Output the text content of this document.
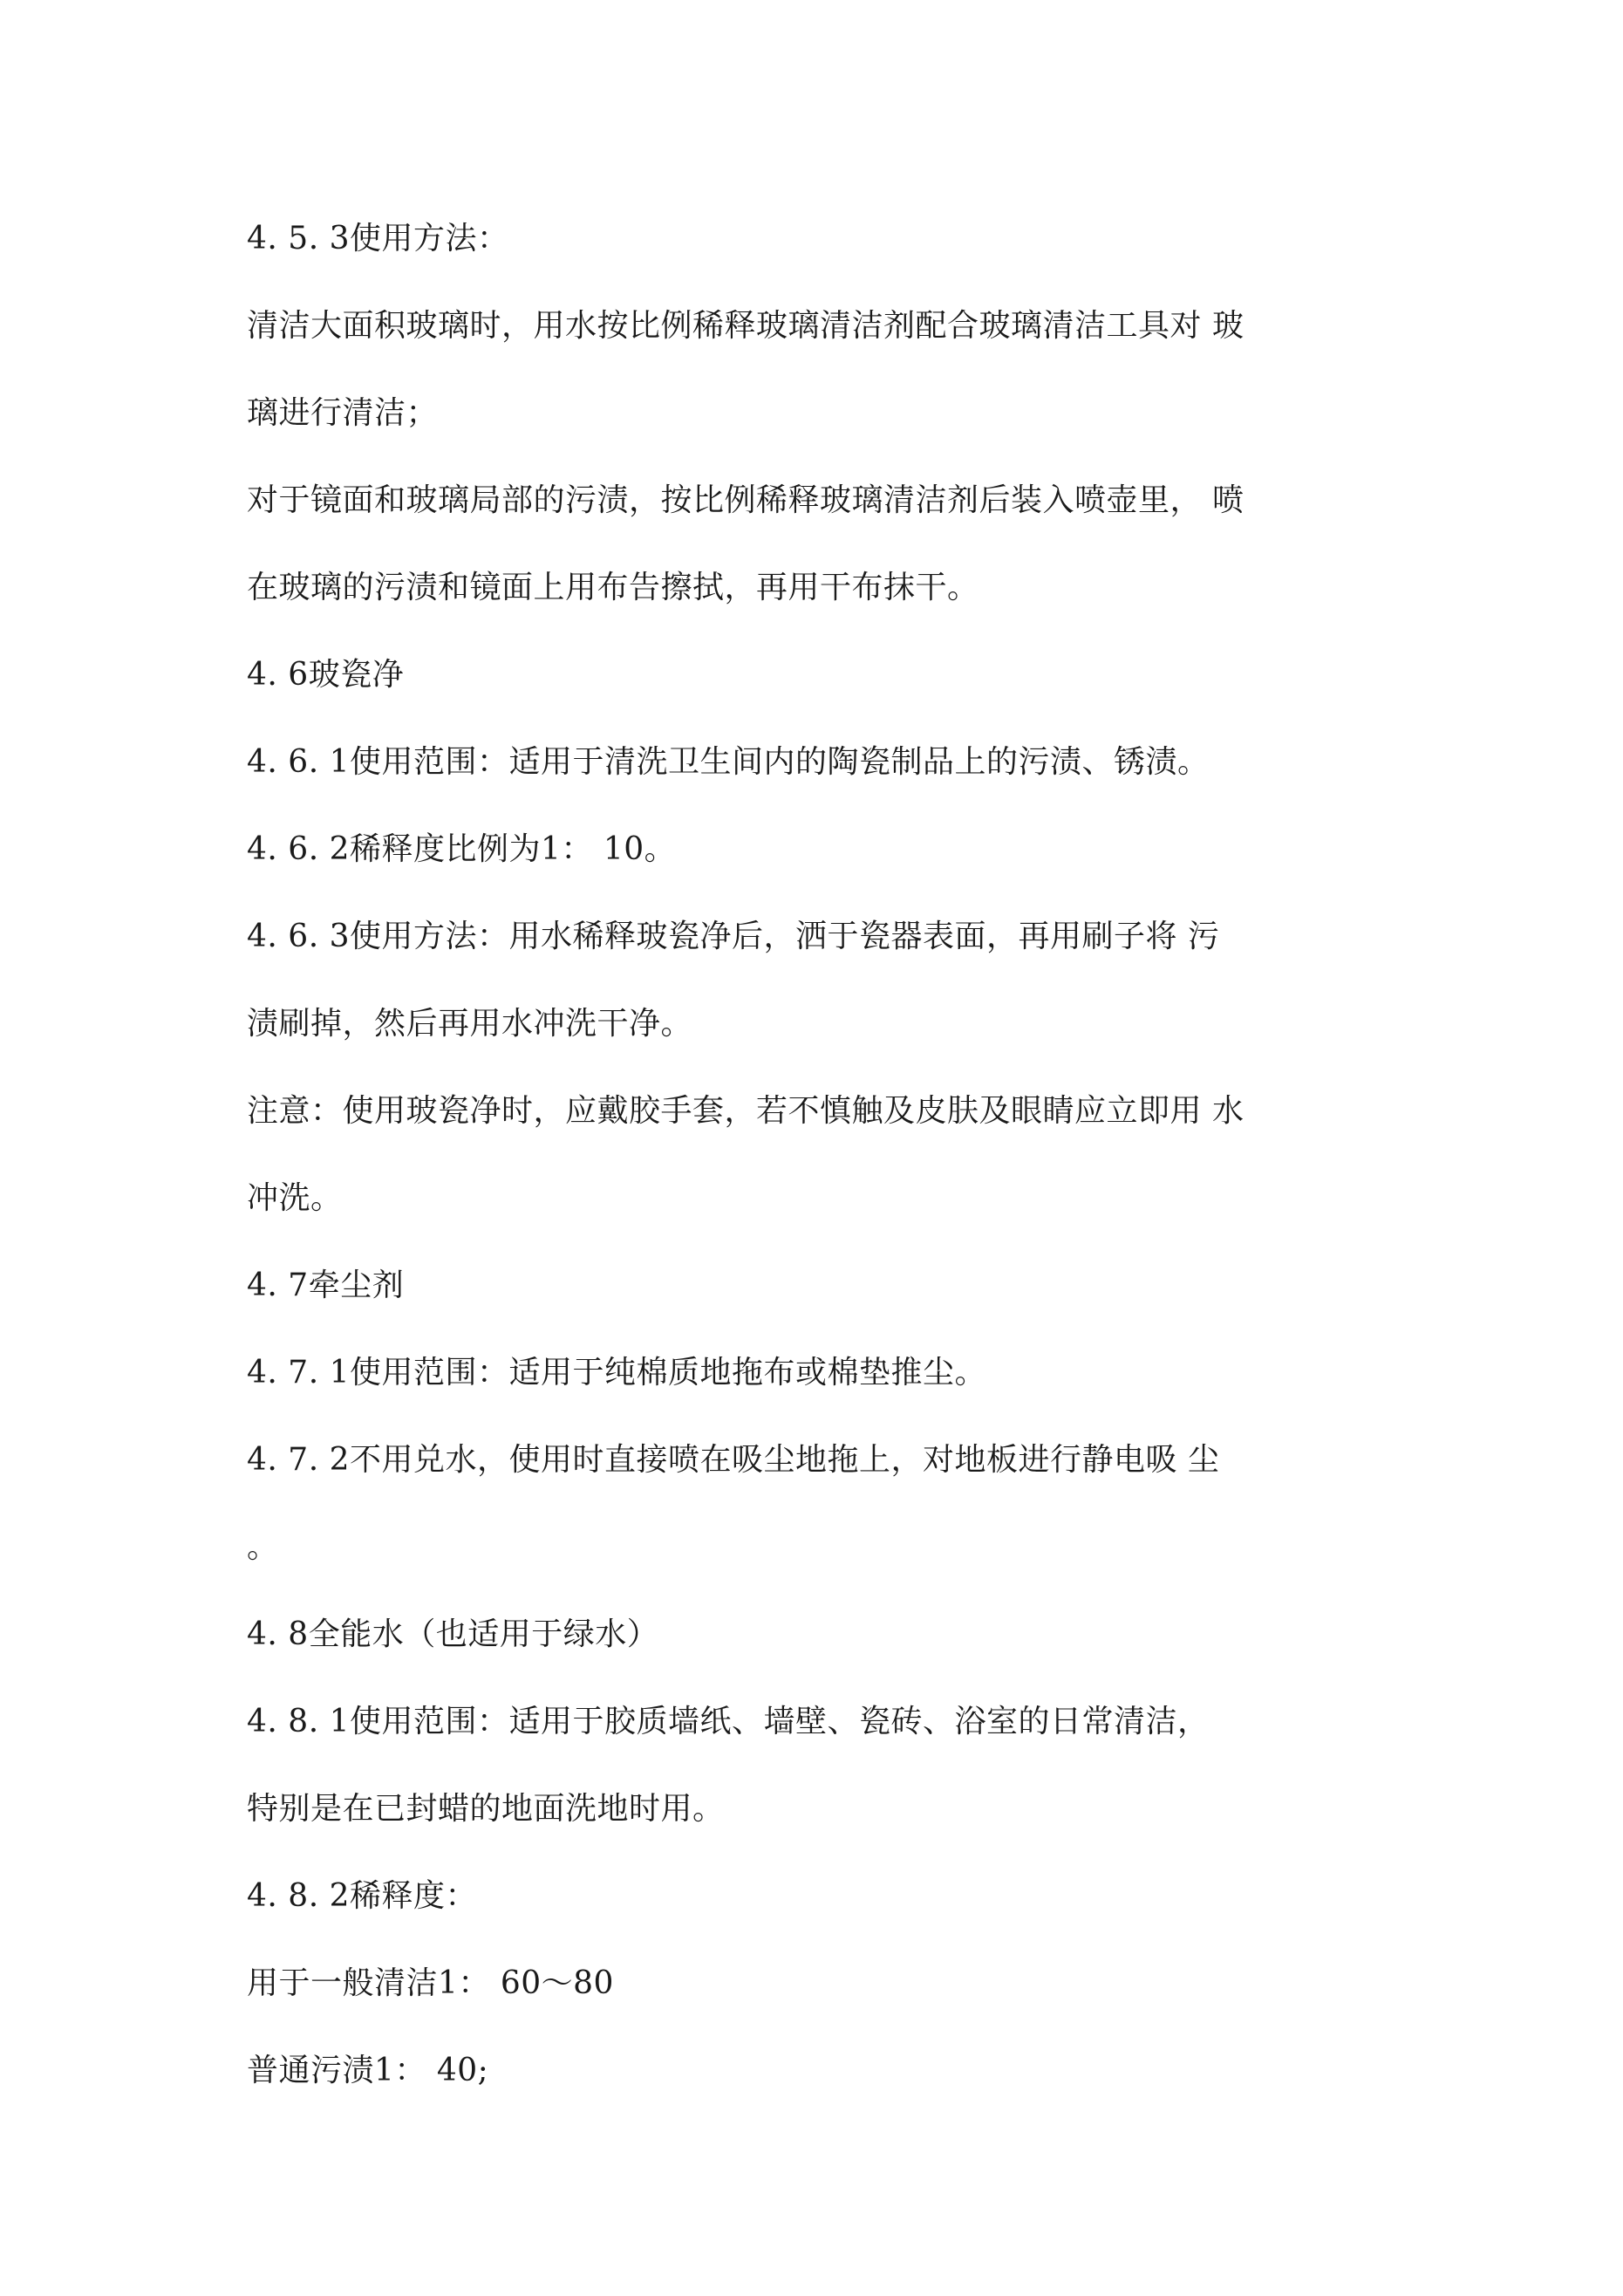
4. 5. 3使用方法：
清洁大面积玻璃时，用水按比例稀释玻璃清洁剂配合玻璃清洁工具对 玻
璃进行清洁；
对于镜面和玻璃局部的污渍，按比例稀释玻璃清洁剂后装入喷壶里， 喷
在玻璃的污渍和镜面上用布告擦拭，再用干布抹干。
4. 6玻瓷净
4. 6. 1使用范围：适用于清洗卫生间内的陶瓷制品上的污渍、锈渍。
4. 6. 2稀释度比例为1： 10。
4. 6. 3使用方法：用水稀释玻瓷净后，洒于瓷器表面，再用刷子将 污
渍刷掉，然后再用水冲洗干净。
注意：使用玻瓷净时，应戴胶手套，若不慎触及皮肤及眼睛应立即用 水
冲洗。
4. 7牵尘剂
4. 7. 1使用范围：适用于纯棉质地拖布或棉垫推尘。
4. 7. 2不用兑水，使用时直接喷在吸尘地拖上，对地板进行静电吸 尘
。
4. 8全能水（也适用于绿水）
4. 8. 1使用范围：适用于胶质墙纸、墙壁、瓷砖、浴室的日常清洁，
特别是在已封蜡的地面洗地时用。
4. 8. 2稀释度：
用于一般清洁1： 60〜80
普通污渍1： 40;
